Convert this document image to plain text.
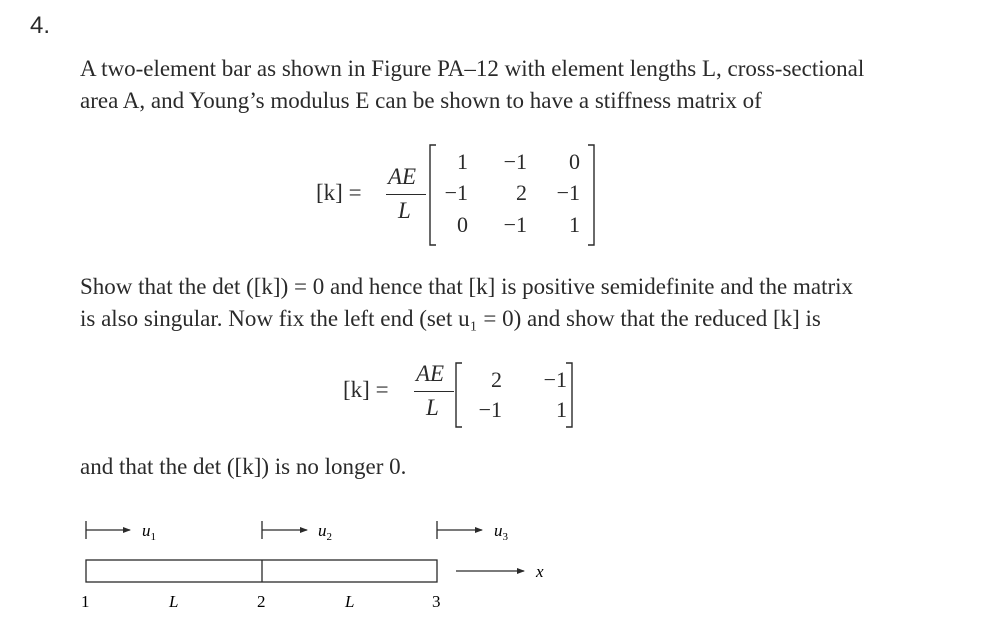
4.

A two-element bar as shown in Figure PA–12 with element lengths L, cross-sectional

area A, and Young’s modulus E can be shown to have a stiffness matrix of

[k] =
AE
L
1	−1	0
−1	2 −1
0	−1	1

Show that the det ([k]) = 0 and hence that [k] is positive semidefinite and the matrix

is also singular. Now fix the left end (set u₁ = 0) and show that the reduced [k] is

[k] =
AE
L
2 −1
−1	1

and that the det ([k]) is no longer 0.

$u_1$	$u_2$	$u_3$
x
1	L	2	L	3
